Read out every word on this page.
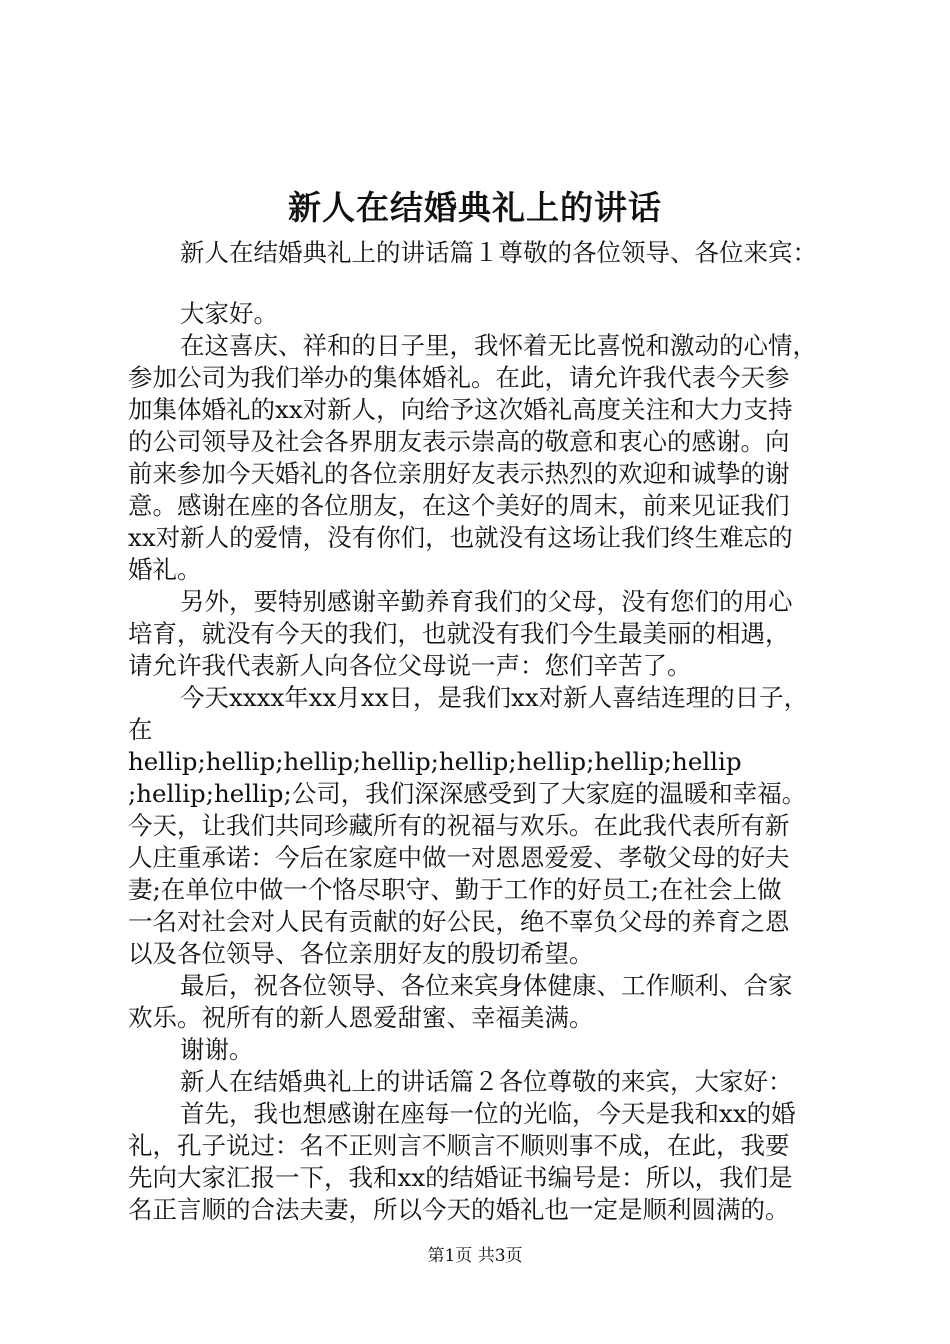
新人在结婚典礼上的讲话

新人在结婚典礼上的讲话篇１尊敬的各位领导、各位来宾：

大家好。

在这喜庆、祥和的日子里，我怀着无比喜悦和激动的心情，

参加公司为我们举办的集体婚礼。在此，请允许我代表今天参

加集体婚礼的xx对新人，向给予这次婚礼高度关注和大力支持

的公司领导及社会各界朋友表示崇高的敬意和衷心的感谢。向

前来参加今天婚礼的各位亲朋好友表示热烈的欢迎和诚挚的谢

意。感谢在座的各位朋友，在这个美好的周末，前来见证我们

xx对新人的爱情，没有你们，也就没有这场让我们终生难忘的

婚礼。

另外，要特别感谢辛勤养育我们的父母，没有您们的用心

培育，就没有今天的我们，也就没有我们今生最美丽的相遇，

请允许我代表新人向各位父母说一声：您们辛苦了。

今天xxxx年xx月xx日，是我们xx对新人喜结连理的日子，

在

hellip;hellip;hellip;hellip;hellip;hellip;hellip;hellip

;hellip;hellip;公司，我们深深感受到了大家庭的温暖和幸福。

今天，让我们共同珍藏所有的祝福与欢乐。在此我代表所有新

人庄重承诺：今后在家庭中做一对恩恩爱爱、孝敬父母的好夫

妻;在单位中做一个恪尽职守、勤于工作的好员工;在社会上做

一名对社会对人民有贡献的好公民，绝不辜负父母的养育之恩

以及各位领导、各位亲朋好友的殷切希望。

最后，祝各位领导、各位来宾身体健康、工作顺利、合家

欢乐。祝所有的新人恩爱甜蜜、幸福美满。

谢谢。

新人在结婚典礼上的讲话篇２各位尊敬的来宾，大家好：

首先，我也想感谢在座每一位的光临，今天是我和xx的婚

礼，孔子说过：名不正则言不顺言不顺则事不成，在此，我要

先向大家汇报一下，我和xx的结婚证书编号是：所以，我们是

名正言顺的合法夫妻，所以今天的婚礼也一定是顺利圆满的。

第1页 共3页
